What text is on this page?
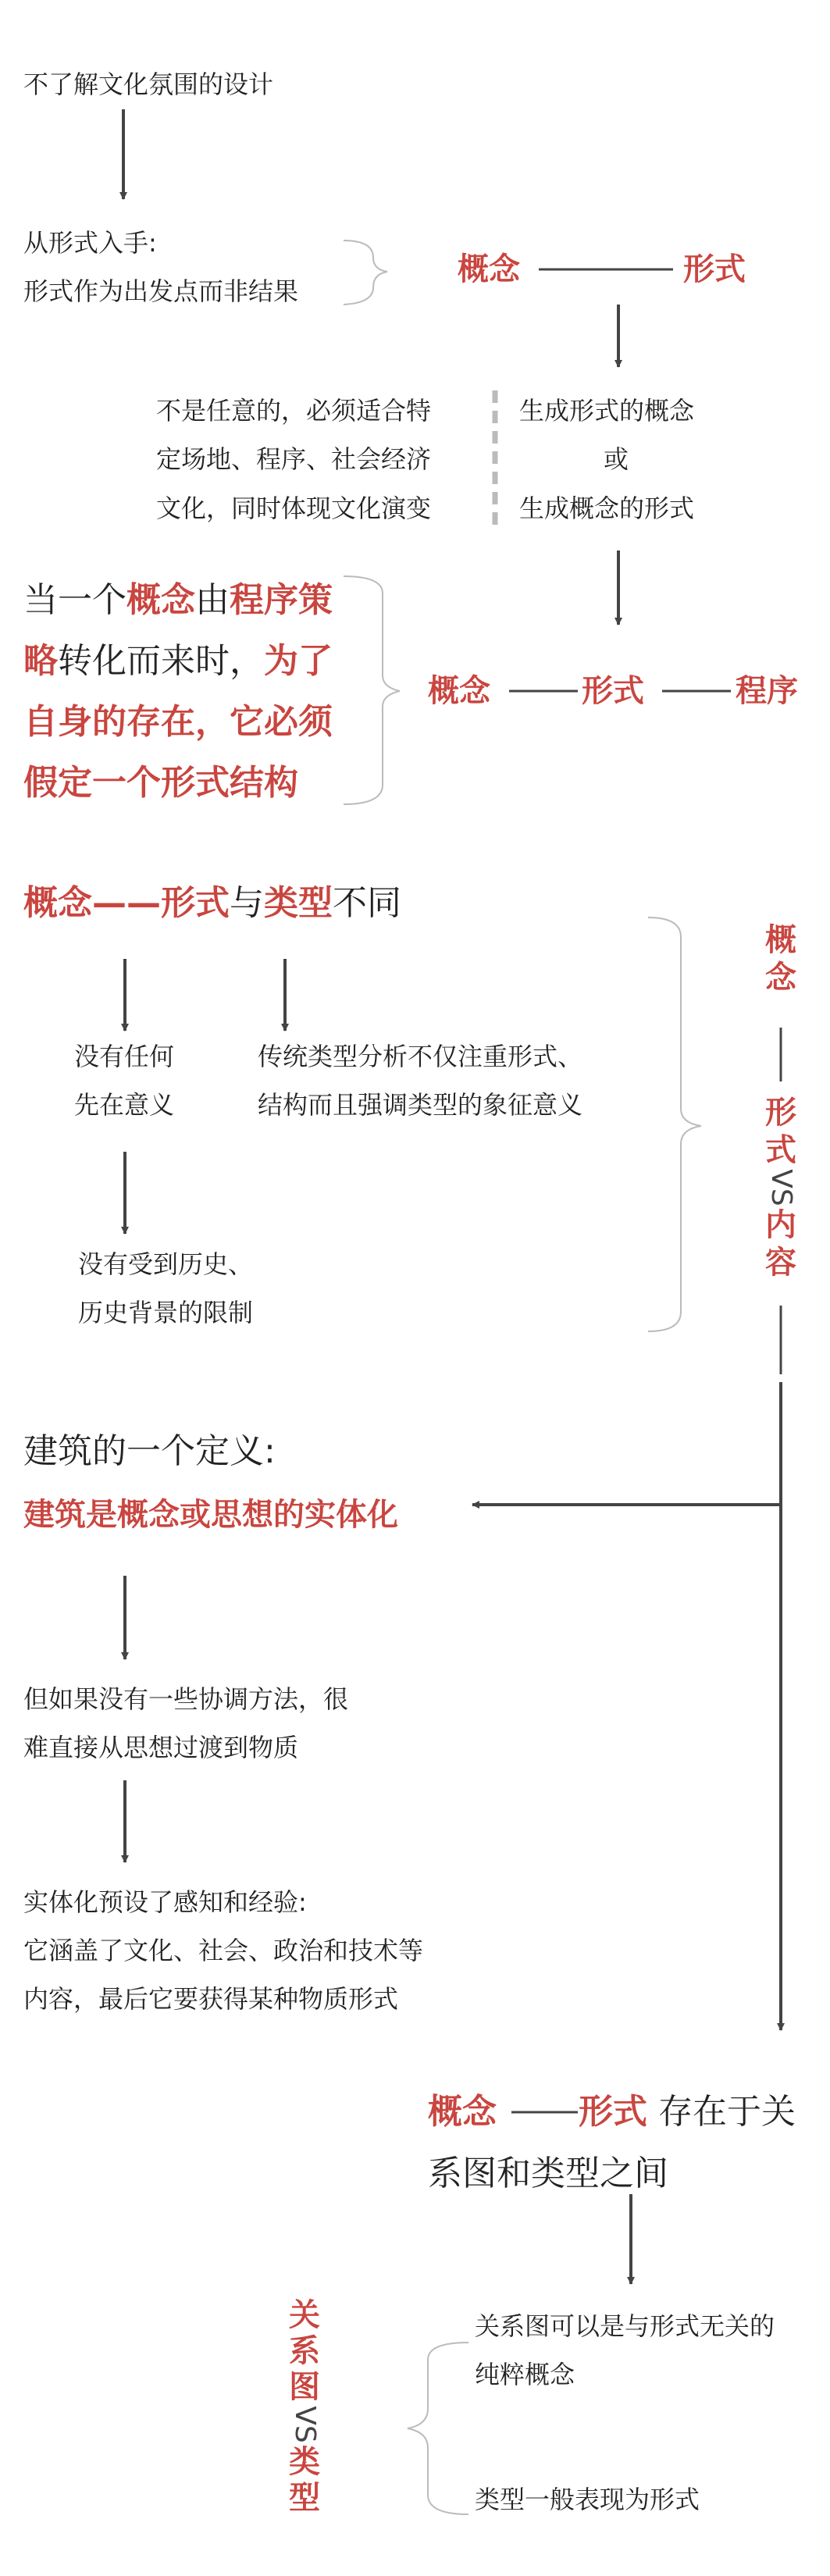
不了解文化氛围的设计
从形式入手:
形式作为出发点而非结果
概念	形式
不是任意的，必须适合特
定场地、程序、社会经济
文化，同时体现文化演变
生成形式的概念
或
生成概念的形式
当一个概念由程序策
略转化而来时，为了
自身的存在，它必须
假定一个形式结构
概念	形式	程序
概念——形式与类型不同
没有任何
先在意义
传统类型分析不仅注重形式、
结构而且强调类型的象征意义
没有受到历史、
历史背景的限制
概
念
形
式
VS
内
容
建筑的一个定义:
建筑是概念或思想的实体化
但如果没有一些协调方法，很
难直接从思想过渡到物质
实体化预设了感知和经验:
它涵盖了文化、社会、政治和技术等
内容，最后它要获得某种物质形式
概念 形式 存在于关
系图和类型之间
关系图可以是与形式无关的
纯粹概念
类型一般表现为形式
关
系
图
VS
类
型
